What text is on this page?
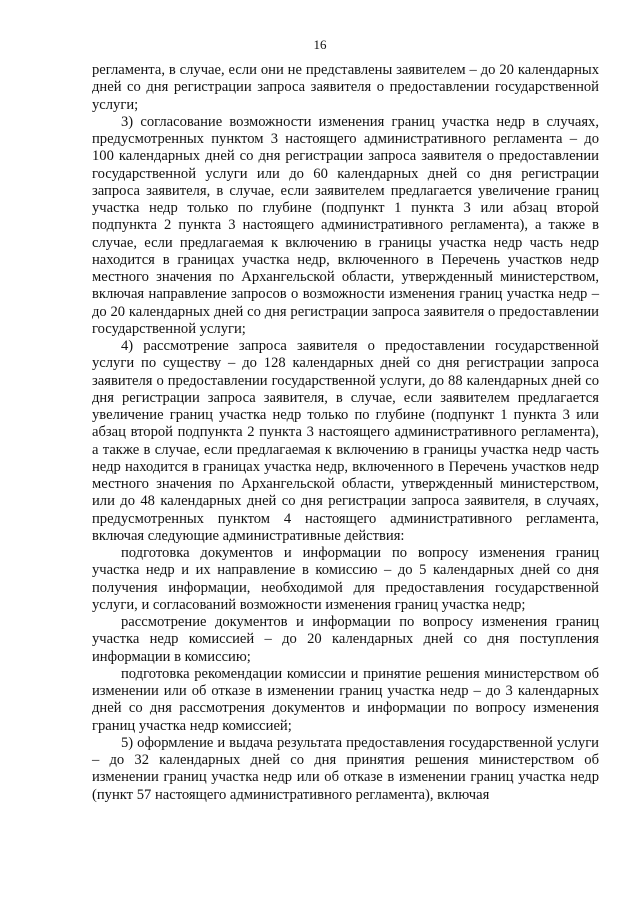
16

регламента, в случае, если они не представлены заявителем – до 20 календарных дней со дня регистрации запроса заявителя о предоставлении государственной услуги;

3) согласование возможности изменения границ участка недр в случаях, предусмотренных пунктом 3 настоящего административного регламента – до 100 календарных дней со дня регистрации запроса заявителя о предоставлении государственной услуги или до 60 календарных дней со дня регистрации запроса заявителя, в случае, если заявителем предлагается увеличение границ участка недр только по глубине (подпункт 1 пункта 3 или абзац второй подпункта 2 пункта 3 настоящего административного регламента), а также в случае, если предлагаемая к включению в границы участка недр часть недр находится в границах участка недр, включенного в Перечень участков недр местного значения по Архангельской области, утвержденный министерством, включая направление запросов о возможности изменения границ участка недр – до 20 календарных дней со дня регистрации запроса заявителя о предоставлении государственной услуги;

4) рассмотрение запроса заявителя о предоставлении государственной услуги по существу – до 128 календарных дней со дня регистрации запроса заявителя о предоставлении государственной услуги, до 88 календарных дней со дня регистрации запроса заявителя, в случае, если заявителем предлагается увеличение границ участка недр только по глубине (подпункт 1 пункта 3 или абзац второй подпункта 2 пункта 3 настоящего административного регламента), а также в случае, если предлагаемая к включению в границы участка недр часть недр находится в границах участка недр, включенного в Перечень участков недр местного значения по Архангельской области, утвержденный министерством, или до 48 календарных дней со дня регистрации запроса заявителя, в случаях, предусмотренных пунктом 4 настоящего административного регламента, включая следующие административные действия:

подготовка документов и информации по вопросу изменения границ участка недр и их направление в комиссию – до 5 календарных дней со дня получения информации, необходимой для предоставления государственной услуги, и согласований возможности изменения границ участка недр;

рассмотрение документов и информации по вопросу изменения границ участка недр комиссией – до 20 календарных дней со дня поступления информации в комиссию;

подготовка рекомендации комиссии и принятие решения министерством об изменении или об отказе в изменении границ участка недр – до 3 календарных дней со дня рассмотрения документов и информации по вопросу изменения границ участка недр комиссией;

5) оформление и выдача результата предоставления государственной услуги – до 32 календарных дней со дня принятия решения министерством об изменении границ участка недр или об отказе в изменении границ участка недр (пункт 57 настоящего административного регламента), включая
